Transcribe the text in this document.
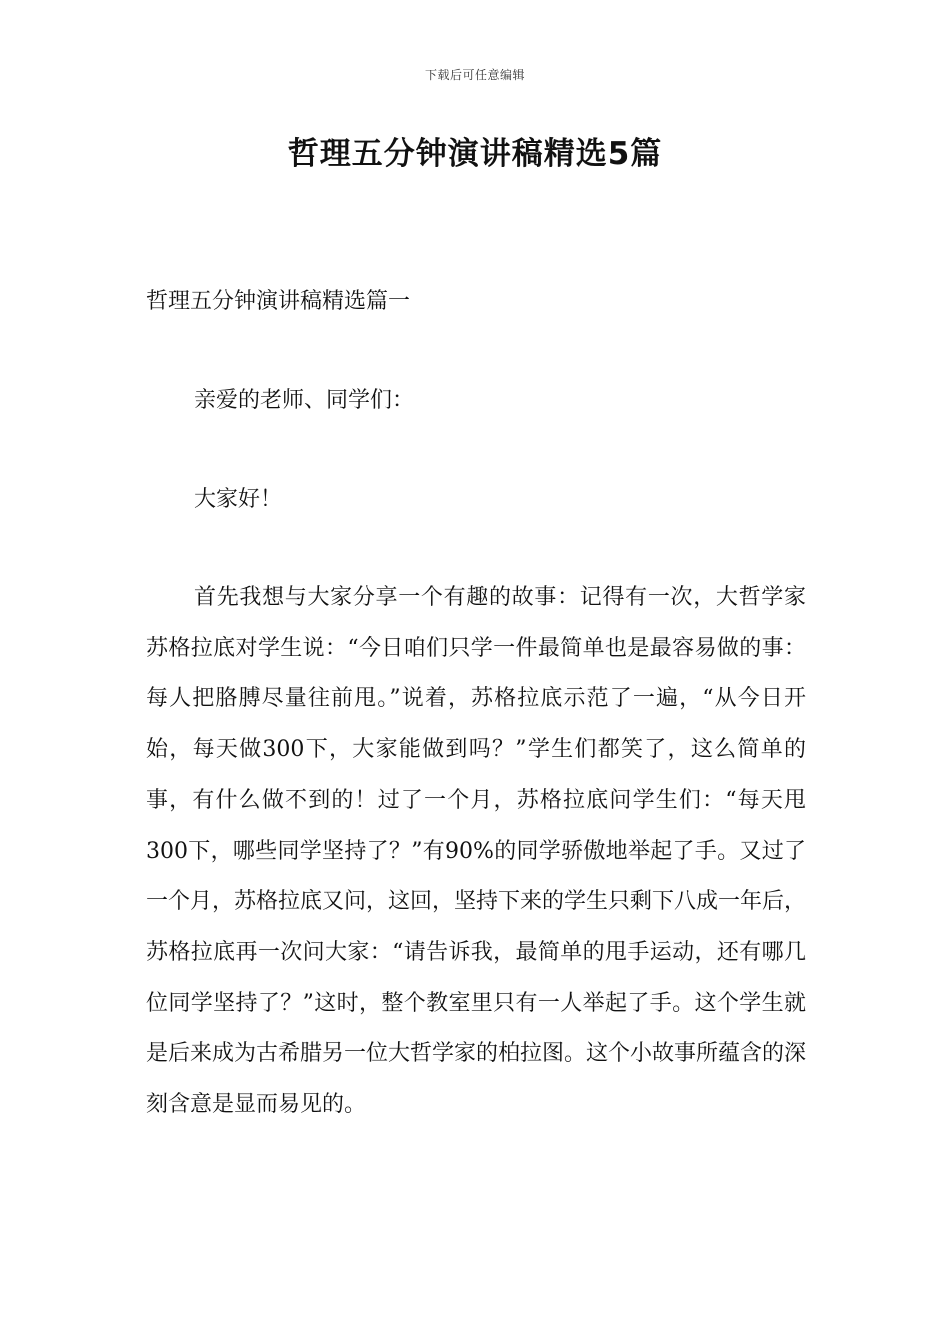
下载后可任意编辑
哲理五分钟演讲稿精选5篇
哲理五分钟演讲稿精选篇一

亲爱的老师、同学们：

大家好！

首先我想与大家分享一个有趣的故事：记得有一次，大哲学家苏格拉底对学生说：“今日咱们只学一件最简单也是最容易做的事：每人把胳膊尽量往前甩。”说着，苏格拉底示范了一遍，“从今日开始，每天做300下，大家能做到吗？”学生们都笑了，这么简单的事，有什么做不到的！过了一个月，苏格拉底问学生们：“每天甩300下，哪些同学坚持了？”有90%的同学骄傲地举起了手。又过了一个月，苏格拉底又问，这回，坚持下来的学生只剩下八成一年后，苏格拉底再一次问大家：“请告诉我，最简单的甩手运动，还有哪几位同学坚持了？”这时，整个教室里只有一人举起了手。这个学生就是后来成为古希腊另一位大哲学家的柏拉图。这个小故事所蕴含的深刻含意是显而易见的。
